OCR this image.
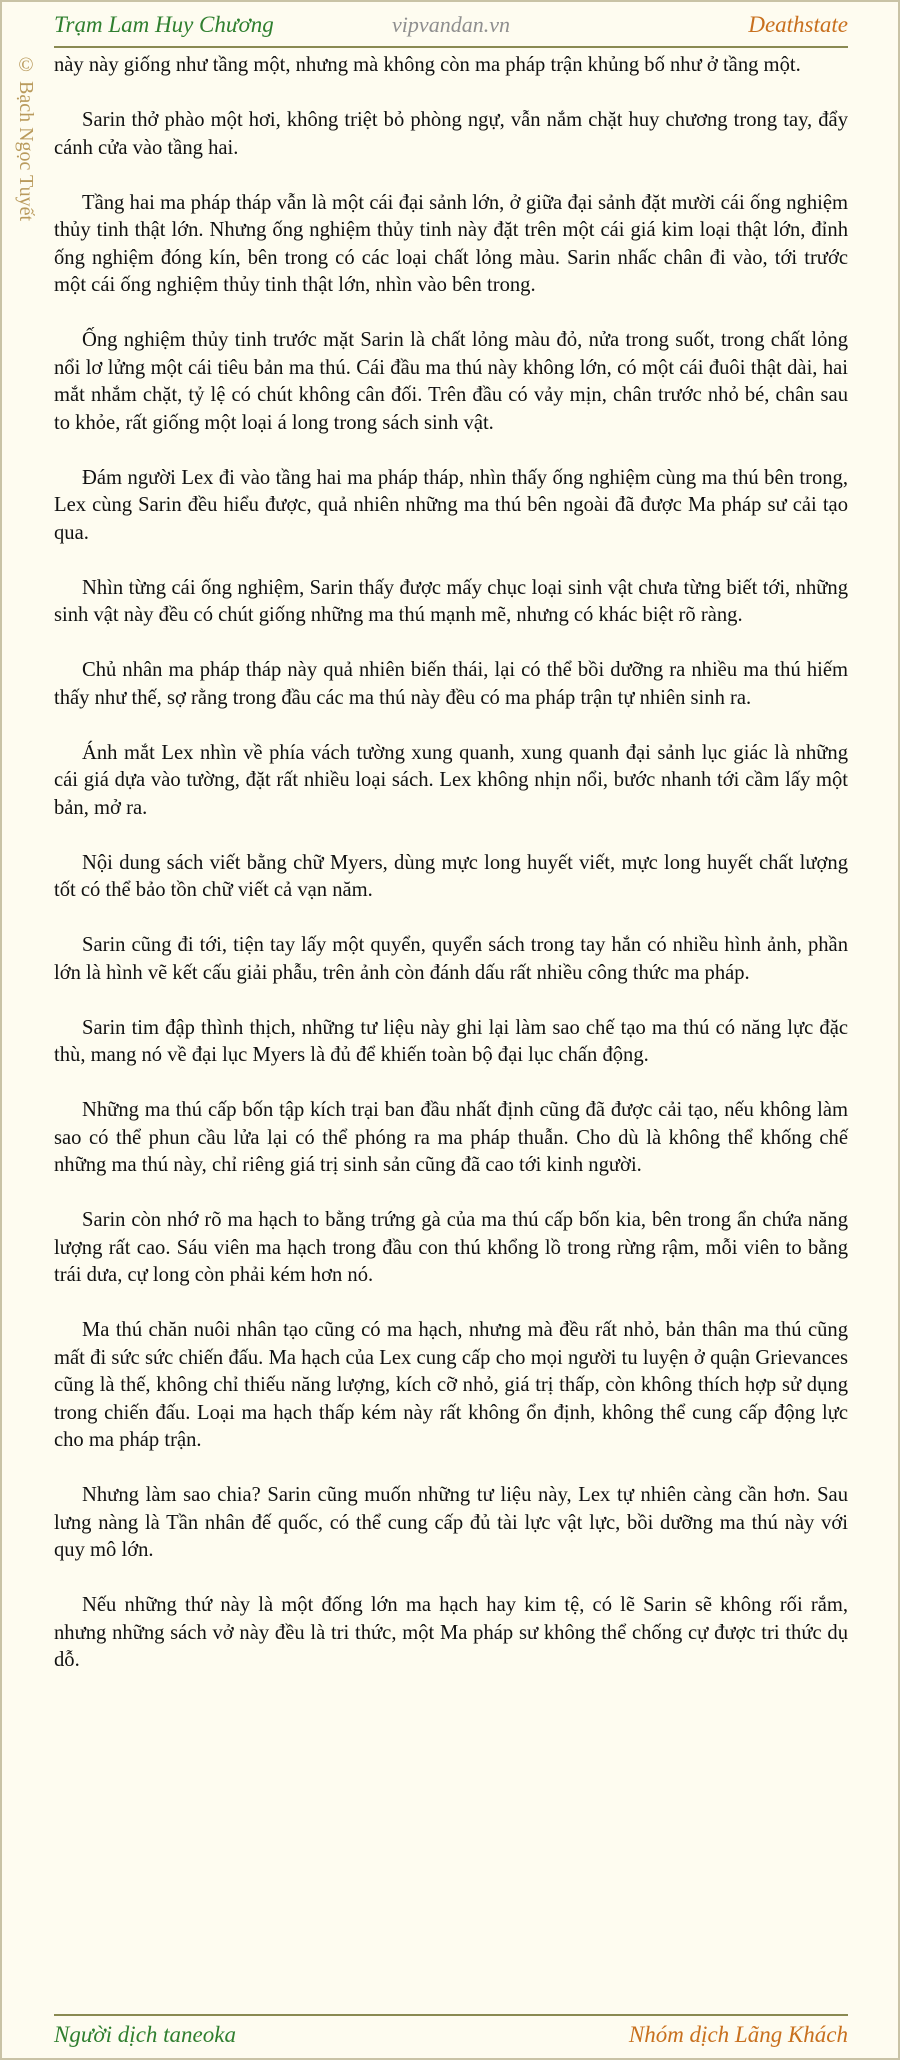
Trạm Lam Huy Chương	vipvandan.vn	Deathstate
© Bạch Ngọc Tuyết này này giống như tầng một, nhưng mà không còn ma pháp trận khủng bố như ở tầng một.

Sarin thở phào một hơi, không triệt bỏ phòng ngự, vẫn nắm chặt huy chương trong tay, đẩy cánh cửa vào tầng hai.

Tầng hai ma pháp tháp vẫn là một cái đại sảnh lớn, ở giữa đại sảnh đặt mười cái ống nghiệm thủy tinh thật lớn. Nhưng ống nghiệm thủy tinh này đặt trên một cái giá kim loại thật lớn, đỉnh ống nghiệm đóng kín, bên trong có các loại chất lỏng màu. Sarin nhấc chân đi vào, tới trước một cái ống nghiệm thủy tinh thật lớn, nhìn vào bên trong.

Ống nghiệm thủy tinh trước mặt Sarin là chất lỏng màu đỏ, nửa trong suốt, trong chất lỏng nổi lơ lửng một cái tiêu bản ma thú. Cái đầu ma thú này không lớn, có một cái đuôi thật dài, hai mắt nhắm chặt, tỷ lệ có chút không cân đối. Trên đầu có vảy mịn, chân trước nhỏ bé, chân sau to khỏe, rất giống một loại á long trong sách sinh vật.

Đám người Lex đi vào tầng hai ma pháp tháp, nhìn thấy ống nghiệm cùng ma thú bên trong, Lex cùng Sarin đều hiểu được, quả nhiên những ma thú bên ngoài đã được Ma pháp sư cải tạo qua.

Nhìn từng cái ống nghiệm, Sarin thấy được mấy chục loại sinh vật chưa từng biết tới, những sinh vật này đều có chút giống những ma thú mạnh mẽ, nhưng có khác biệt rõ ràng.

Chủ nhân ma pháp tháp này quả nhiên biến thái, lại có thể bồi dưỡng ra nhiều ma thú hiếm thấy như thế, sợ rằng trong đầu các ma thú này đều có ma pháp trận tự nhiên sinh ra.

Ánh mắt Lex nhìn về phía vách tường xung quanh, xung quanh đại sảnh lục giác là những cái giá dựa vào tường, đặt rất nhiều loại sách. Lex không nhịn nổi, bước nhanh tới cầm lấy một bản, mở ra.

Nội dung sách viết bằng chữ Myers, dùng mực long huyết viết, mực long huyết chất lượng tốt có thể bảo tồn chữ viết cả vạn năm.

Sarin cũng đi tới, tiện tay lấy một quyển, quyển sách trong tay hắn có nhiều hình ảnh, phần lớn là hình vẽ kết cấu giải phẫu, trên ảnh còn đánh dấu rất nhiều công thức ma pháp.

Sarin tim đập thình thịch, những tư liệu này ghi lại làm sao chế tạo ma thú có năng lực đặc thù, mang nó về đại lục Myers là đủ để khiến toàn bộ đại lục chấn động.

Những ma thú cấp bốn tập kích trại ban đầu nhất định cũng đã được cải tạo, nếu không làm sao có thể phun cầu lửa lại có thể phóng ra ma pháp thuẫn. Cho dù là không thể khống chế những ma thú này, chỉ riêng giá trị sinh sản cũng đã cao tới kinh người.

Sarin còn nhớ rõ ma hạch to bằng trứng gà của ma thú cấp bốn kia, bên trong ẩn chứa năng lượng rất cao. Sáu viên ma hạch trong đầu con thú khổng lồ trong rừng rậm, mỗi viên to bằng trái dưa, cự long còn phải kém hơn nó.

Ma thú chăn nuôi nhân tạo cũng có ma hạch, nhưng mà đều rất nhỏ, bản thân ma thú cũng mất đi sức sức chiến đấu. Ma hạch của Lex cung cấp cho mọi người tu luyện ở quận Grievances cũng là thế, không chỉ thiếu năng lượng, kích cỡ nhỏ, giá trị thấp, còn không thích hợp sử dụng trong chiến đấu. Loại ma hạch thấp kém này rất không ổn định, không thể cung cấp động lực cho ma pháp trận.

Nhưng làm sao chia? Sarin cũng muốn những tư liệu này, Lex tự nhiên càng cần hơn. Sau lưng nàng là Tần nhân đế quốc, có thể cung cấp đủ tài lực vật lực, bồi dưỡng ma thú này với quy mô lớn.

Nếu những thứ này là một đống lớn ma hạch hay kim tệ, có lẽ Sarin sẽ không rối rắm, nhưng những sách vở này đều là tri thức, một Ma pháp sư không thể chống cự được tri thức dụ dỗ.

Người dịch taneoka	Nhóm dịch Lãng Khách
